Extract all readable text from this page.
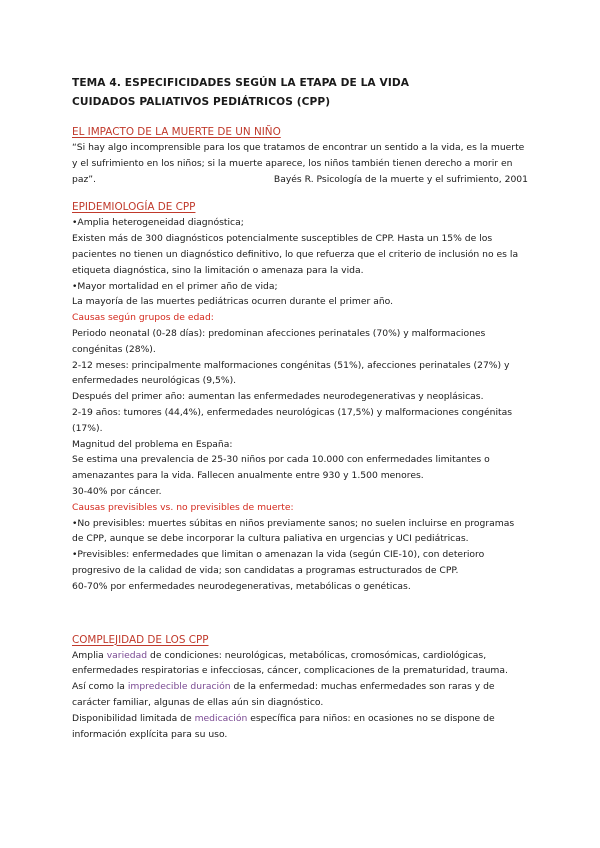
TEMA 4. ESPECIFICIDADES SEGÚN LA ETAPA DE LA VIDA

CUIDADOS PALIATIVOS PEDIÁTRICOS (CPP)

EL IMPACTO DE LA MUERTE DE UN NIÑO

“Si hay algo incomprensible para los que tratamos de encontrar un sentido a la vida, es la muerte

y el sufrimiento en los niños; si la muerte aparece, los niños también tienen derecho a morir en

paz”.	Bayés R. Psicología de la muerte y el sufrimiento, 2001

EPIDEMIOLOGÍA DE CPP

•Amplia heterogeneidad diagnóstica;

Existen más de 300 diagnósticos potencialmente susceptibles de CPP. Hasta un 15% de los

pacientes no tienen un diagnóstico definitivo, lo que refuerza que el criterio de inclusión no es la

etiqueta diagnóstica, sino la limitación o amenaza para la vida.

•Mayor mortalidad en el primer año de vida;

La mayoría de las muertes pediátricas ocurren durante el primer año.

Causas según grupos de edad:

Periodo neonatal (0-28 días): predominan afecciones perinatales (70%) y malformaciones

congénitas (28%).

2-12 meses: principalmente malformaciones congénitas (51%), afecciones perinatales (27%) y

enfermedades neurológicas (9,5%).

Después del primer año: aumentan las enfermedades neurodegenerativas y neoplásicas.

2-19 años: tumores (44,4%), enfermedades neurológicas (17,5%) y malformaciones congénitas

(17%).

Magnitud del problema en España:

Se estima una prevalencia de 25-30 niños por cada 10.000 con enfermedades limitantes o

amenazantes para la vida. Fallecen anualmente entre 930 y 1.500 menores.

30-40% por cáncer.

Causas previsibles vs. no previsibles de muerte:

•No previsibles: muertes súbitas en niños previamente sanos; no suelen incluirse en programas

de CPP, aunque se debe incorporar la cultura paliativa en urgencias y UCI pediátricas.

•Previsibles: enfermedades que limitan o amenazan la vida (según CIE-10), con deterioro

progresivo de la calidad de vida; son candidatas a programas estructurados de CPP.

60-70% por enfermedades neurodegenerativas, metabólicas o genéticas.

COMPLEJIDAD DE LOS CPP

Amplia variedad de condiciones: neurológicas, metabólicas, cromosómicas, cardiológicas,

enfermedades respiratorias e infecciosas, cáncer, complicaciones de la prematuridad, trauma.

Así como la impredecible duración de la enfermedad: muchas enfermedades son raras y de

carácter familiar, algunas de ellas aún sin diagnóstico.

Disponibilidad limitada de medicación específica para niños: en ocasiones no se dispone de

información explícita para su uso.
